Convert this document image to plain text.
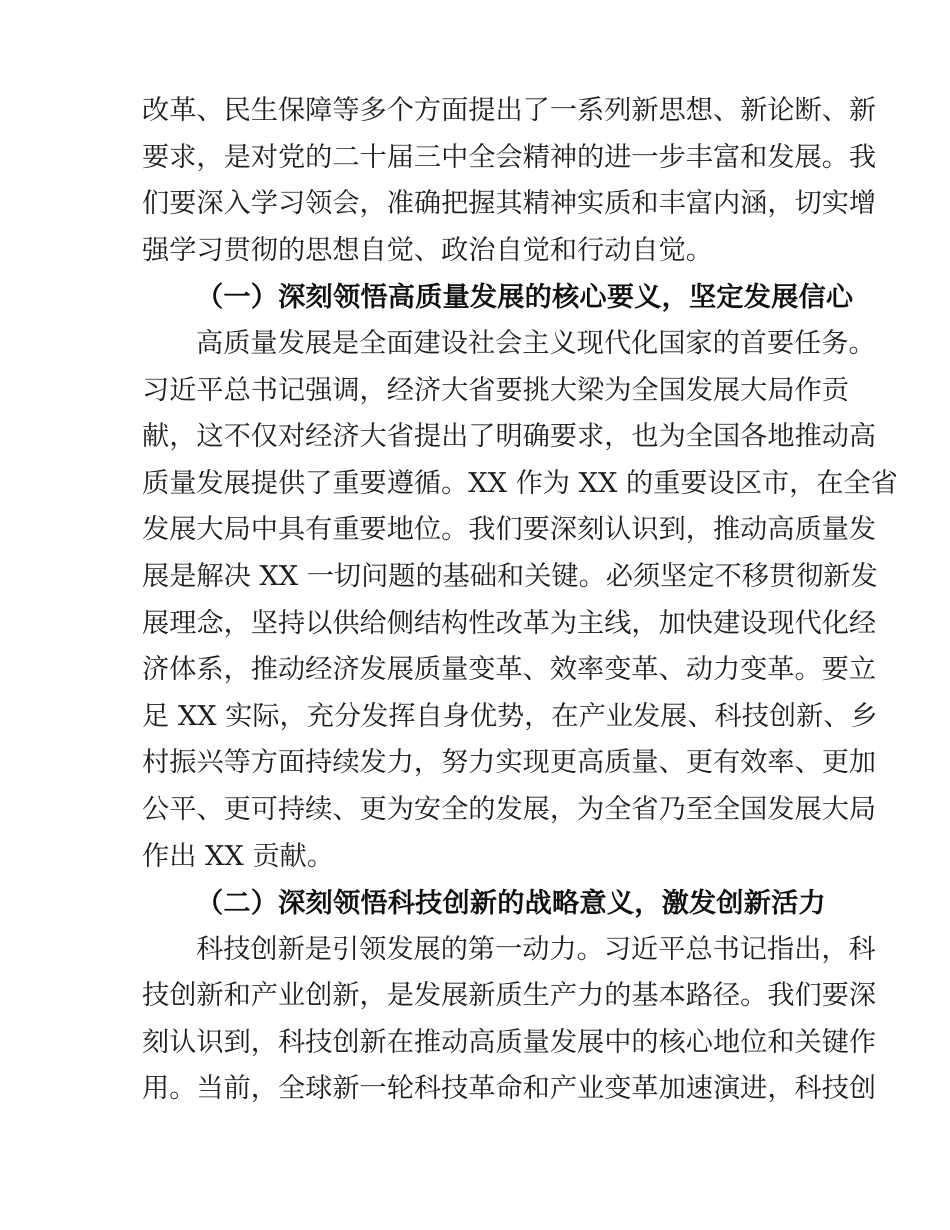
改革、民生保障等多个方面提出了一系列新思想、新论断、新
要求，是对党的二十届三中全会精神的进一步丰富和发展。我
们要深入学习领会，准确把握其精神实质和丰富内涵，切实增
强学习贯彻的思想自觉、政治自觉和行动自觉。
（一）深刻领悟高质量发展的核心要义，坚定发展信心
高质量发展是全面建设社会主义现代化国家的首要任务。
习近平总书记强调，经济大省要挑大梁为全国发展大局作贡
献，这不仅对经济大省提出了明确要求，也为全国各地推动高
质量发展提供了重要遵循。XX 作为 XX 的重要设区市，在全省
发展大局中具有重要地位。我们要深刻认识到，推动高质量发
展是解决 XX 一切问题的基础和关键。必须坚定不移贯彻新发
展理念，坚持以供给侧结构性改革为主线，加快建设现代化经
济体系，推动经济发展质量变革、效率变革、动力变革。要立
足 XX 实际，充分发挥自身优势，在产业发展、科技创新、乡
村振兴等方面持续发力，努力实现更高质量、更有效率、更加
公平、更可持续、更为安全的发展，为全省乃至全国发展大局
作出 XX 贡献。
（二）深刻领悟科技创新的战略意义，激发创新活力
科技创新是引领发展的第一动力。习近平总书记指出，科
技创新和产业创新，是发展新质生产力的基本路径。我们要深
刻认识到，科技创新在推动高质量发展中的核心地位和关键作
用。当前，全球新一轮科技革命和产业变革加速演进，科技创
